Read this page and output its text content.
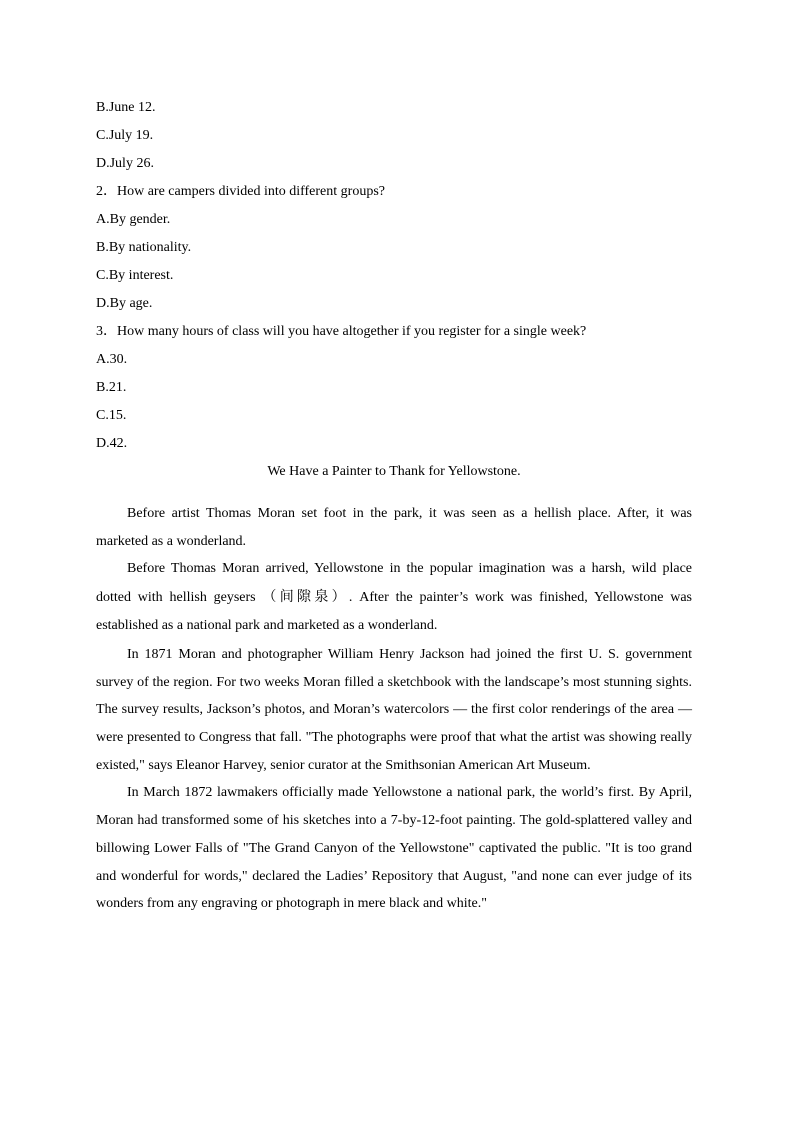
B.June 12.
C.July 19.
D.July 26.
2．How are campers divided into different groups?
A.By gender.
B.By nationality.
C.By interest.
D.By age.
3．How many hours of class will you have altogether if you register for a single week?
A.30.
B.21.
C.15.
D.42.
We Have a Painter to Thank for Yellowstone.
Before artist Thomas Moran set foot in the park, it was seen as a hellish place. After, it was marketed as a wonderland.
Before Thomas Moran arrived, Yellowstone in the popular imagination was a harsh, wild place dotted with hellish geysers （间隙泉）. After the painter’s work was finished, Yellowstone was established as a national park and marketed as a wonderland.
In 1871 Moran and photographer William Henry Jackson had joined the first U. S. government survey of the region. For two weeks Moran filled a sketchbook with the landscape’s most stunning sights. The survey results, Jackson’s photos, and Moran’s watercolors — the first color renderings of the area — were presented to Congress that fall. "The photographs were proof that what the artist was showing really existed," says Eleanor Harvey, senior curator at the Smithsonian American Art Museum.
In March 1872 lawmakers officially made Yellowstone a national park, the world’s first. By April, Moran had transformed some of his sketches into a 7-by-12-foot painting. The gold-splattered valley and billowing Lower Falls of "The Grand Canyon of the Yellowstone" captivated the public. "It is too grand and wonderful for words," declared the Ladies’ Repository that August, "and none can ever judge of its wonders from any engraving or photograph in mere black and white."
